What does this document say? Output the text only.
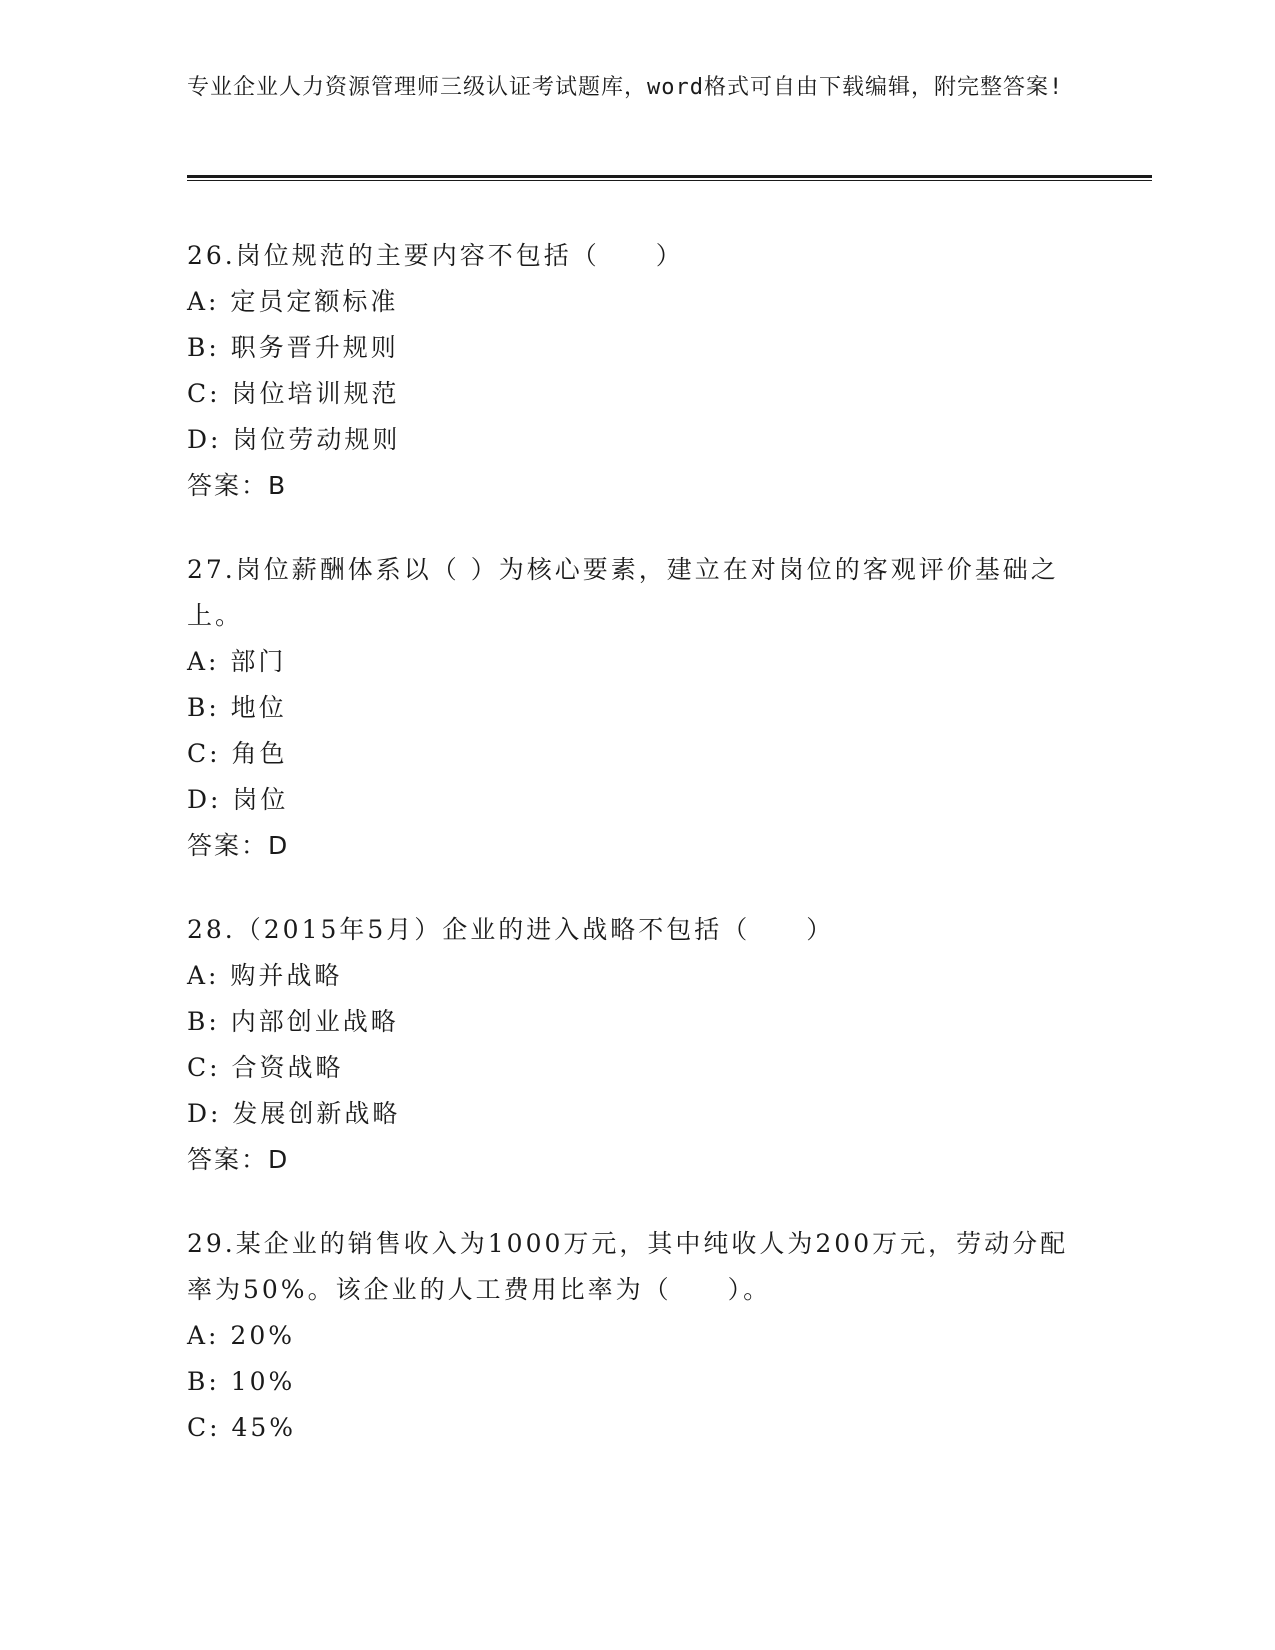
专业企业人力资源管理师三级认证考试题库，word格式可自由下载编辑，附完整答案!

26.岗位规范的主要内容不包括（　　）

A: 定员定额标准

B: 职务晋升规则

C: 岗位培训规范

D: 岗位劳动规则

答案：B

27.岗位薪酬体系以（ ）为核心要素，建立在对岗位的客观评价基础之上。

A: 部门

B: 地位

C: 角色

D: 岗位

答案：D

28.（2015年5月）企业的进入战略不包括（　　）

A: 购并战略

B: 内部创业战略

C: 合资战略

D: 发展创新战略

答案：D

29.某企业的销售收入为1000万元，其中纯收人为200万元，劳动分配率为50%。该企业的人工费用比率为（　　）。

A: 20%

B: 10%

C: 45%
